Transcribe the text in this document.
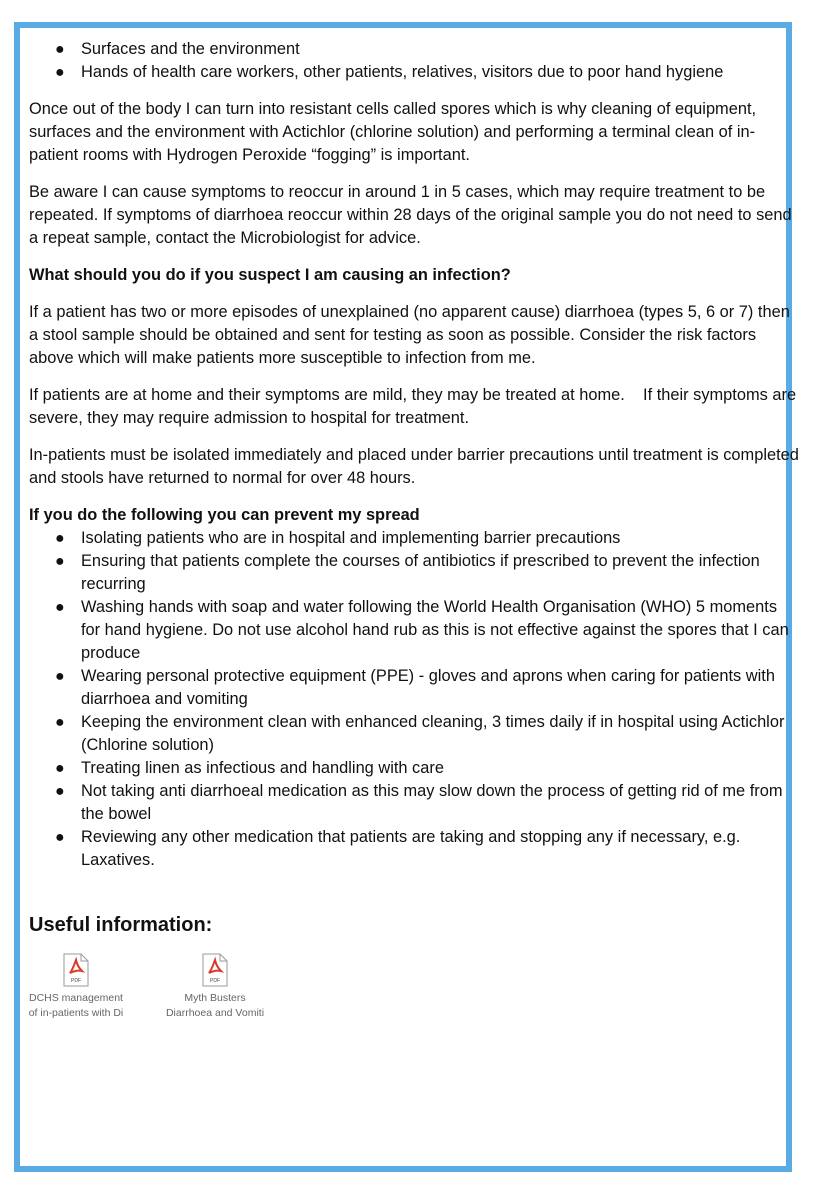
● Surfaces and the environment
● Hands of health care workers, other patients, relatives, visitors due to poor hand hygiene

Once out of the body I can turn into resistant cells called spores which is why cleaning of equipment, surfaces and the environment with Actichlor (chlorine solution) and performing a terminal clean of in-patient rooms with Hydrogen Peroxide “fogging” is important.

Be aware I can cause symptoms to reoccur in around 1 in 5 cases, which may require treatment to be repeated. If symptoms of diarrhoea reoccur within 28 days of the original sample you do not need to send a repeat sample, contact the Microbiologist for advice.

What should you do if you suspect I am causing an infection?

If a patient has two or more episodes of unexplained (no apparent cause) diarrhoea (types 5, 6 or 7) then a stool sample should be obtained and sent for testing as soon as possible. Consider the risk factors above which will make patients more susceptible to infection from me.

If patients are at home and their symptoms are mild, they may be treated at home.    If their symptoms are severe, they may require admission to hospital for treatment.

In-patients must be isolated immediately and placed under barrier precautions until treatment is completed and stools have returned to normal for over 48 hours.

If you do the following you can prevent my spread

● Isolating patients who are in hospital and implementing barrier precautions
● Ensuring that patients complete the courses of antibiotics if prescribed to prevent the infection recurring
● Washing hands with soap and water following the World Health Organisation (WHO) 5 moments for hand hygiene. Do not use alcohol hand rub as this is not effective against the spores that I can produce
● Wearing personal protective equipment (PPE) - gloves and aprons when caring for patients with diarrhoea and vomiting
● Keeping the environment clean with enhanced cleaning, 3 times daily if in hospital using Actichlor (Chlorine solution)
● Treating linen as infectious and handling with care
● Not taking anti diarrhoeal medication as this may slow down the process of getting rid of me from the bowel
● Reviewing any other medication that patients are taking and stopping any if necessary, e.g. Laxatives.

Useful information:

PDF
DCHS management
of in-patients with Di
PDF
Myth Busters
Diarrhoea and Vomiti
